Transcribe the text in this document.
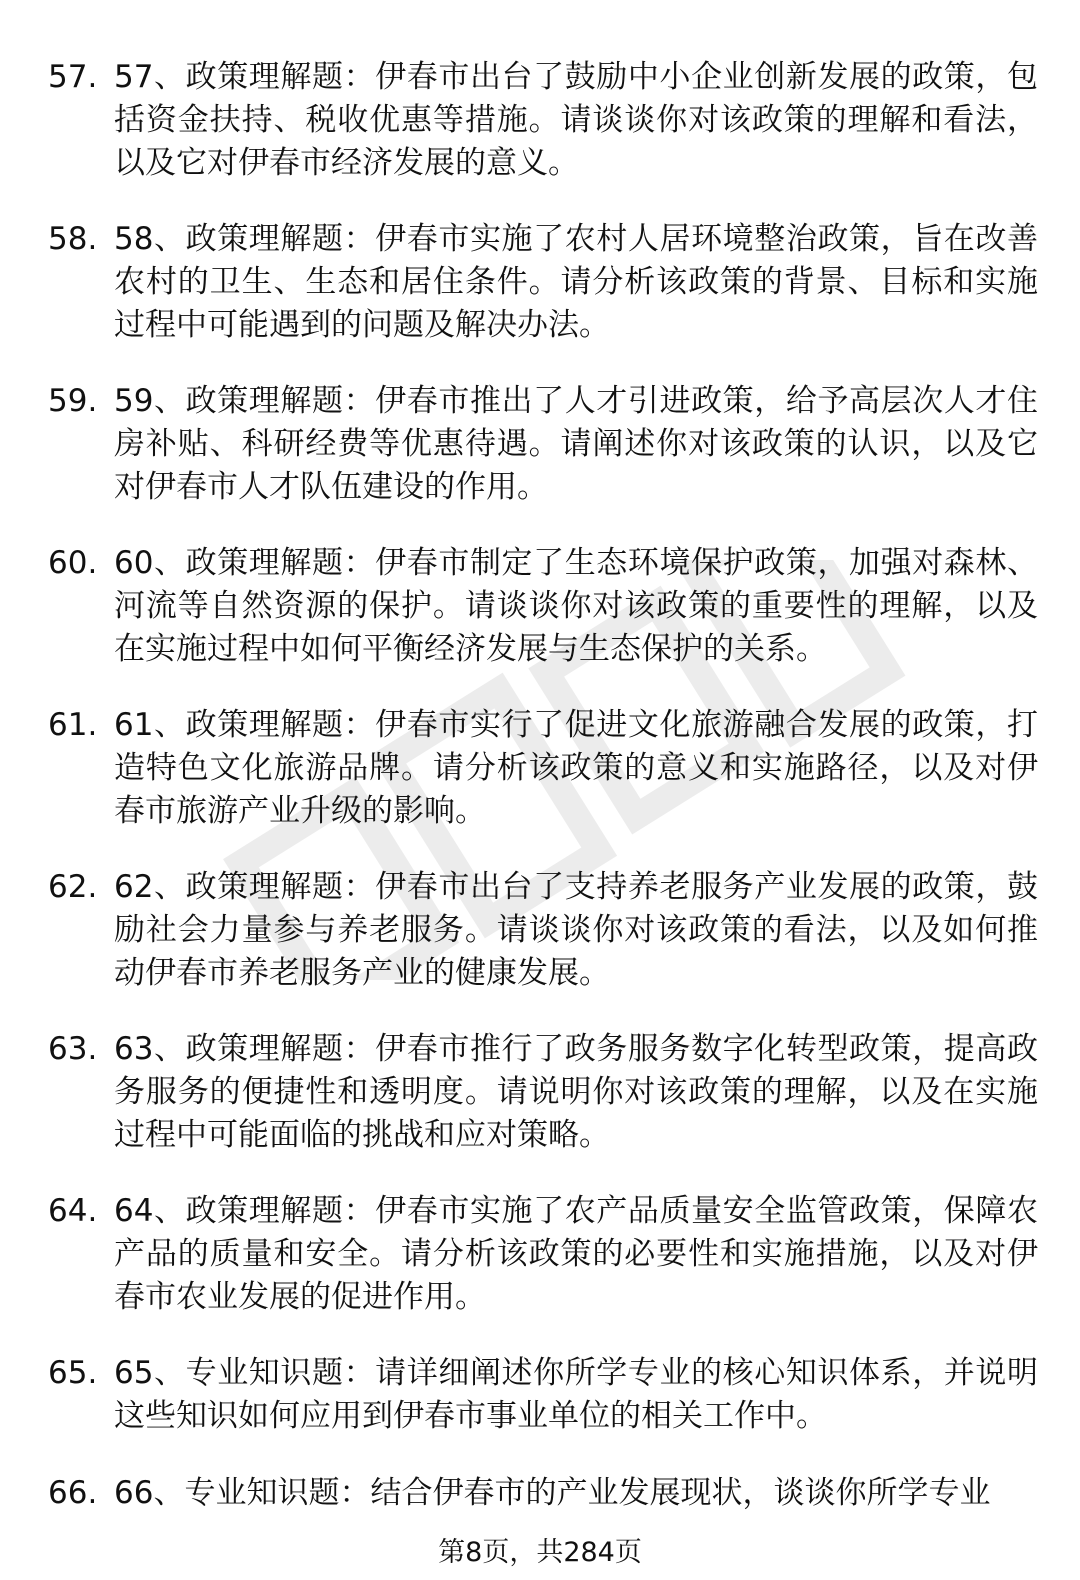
57. 57、政策理解题：伊春市出台了鼓励中小企业创新发展的政策，包括资金扶持、税收优惠等措施。请谈谈你对该政策的理解和看法，以及它对伊春市经济发展的意义。
58. 58、政策理解题：伊春市实施了农村人居环境整治政策，旨在改善农村的卫生、生态和居住条件。请分析该政策的背景、目标和实施过程中可能遇到的问题及解决办法。
59. 59、政策理解题：伊春市推出了人才引进政策，给予高层次人才住房补贴、科研经费等优惠待遇。请阐述你对该政策的认识，以及它对伊春市人才队伍建设的作用。
60. 60、政策理解题：伊春市制定了生态环境保护政策，加强对森林、河流等自然资源的保护。请谈谈你对该政策的重要性的理解，以及在实施过程中如何平衡经济发展与生态保护的关系。
61. 61、政策理解题：伊春市实行了促进文化旅游融合发展的政策，打造特色文化旅游品牌。请分析该政策的意义和实施路径，以及对伊春市旅游产业升级的影响。
62. 62、政策理解题：伊春市出台了支持养老服务产业发展的政策，鼓励社会力量参与养老服务。请谈谈你对该政策的看法，以及如何推动伊春市养老服务产业的健康发展。
63. 63、政策理解题：伊春市推行了政务服务数字化转型政策，提高政务服务的便捷性和透明度。请说明你对该政策的理解，以及在实施过程中可能面临的挑战和应对策略。
64. 64、政策理解题：伊春市实施了农产品质量安全监管政策，保障农产品的质量和安全。请分析该政策的必要性和实施措施，以及对伊春市农业发展的促进作用。
65. 65、专业知识题：请详细阐述你所学专业的核心知识体系，并说明这些知识如何应用到伊春市事业单位的相关工作中。
66. 66、专业知识题：结合伊春市的产业发展现状，谈谈你所学专业
第8页，共284页
